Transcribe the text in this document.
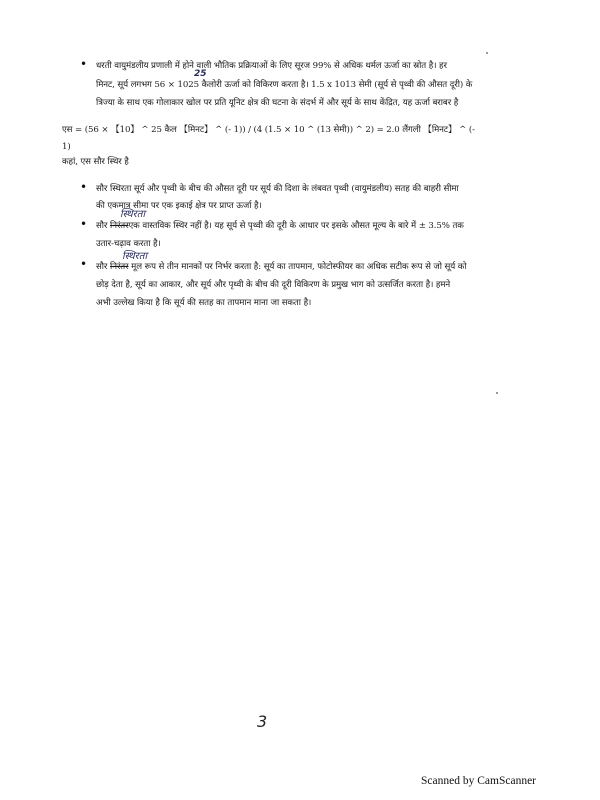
• धरती वायुमंडलीय प्रणाली में होने वाली भौतिक प्रक्रियाओं के लिए सूरज 99% से अधिक थर्मल ऊर्जा का स्रोत है। हर
मिनट, सूर्य लगभग 56 × 1025 कैलोरी ऊर्जा को विकिरण करता है। 1.5 x 1013 सेमी (सूर्य से पृथ्वी की औसत दूरी) के
25
त्रिज्या के साथ एक गोलाकार खोल पर प्रति यूनिट क्षेत्र की घटना के संदर्भ में और सूर्य के साथ केंद्रित, यह ऊर्जा बराबर है
एस = (56 × 【10】 ^ 25 कैल 【मिनट】 ^ (- 1)) / (4 (1.5 × 10 ^ (13 सेमी)) ^ 2) = 2.0 लैंगली 【मिनट】 ^ (-
1)
कहां, एस सौर स्थिर है
• सौर स्थिरता सूर्य और पृथ्वी के बीच की औसत दूरी पर सूर्य की दिशा के लंबवत पृथ्वी (वायुमंडलीय) सतह की बाहरी सीमा
की एकमात्र सीमा पर एक इकाई क्षेत्र पर प्राप्त ऊर्जा है।
स्थिरता
• सौर निरंतरएक वास्तविक स्थिर नहीं है। यह सूर्य से पृथ्वी की दूरी के आधार पर इसके औसत मूल्य के बारे में ± 3.5% तक
उतार-चढ़ाव करता है।
स्थिरता
• सौर निरंतर मूल रूप से तीन मानकों पर निर्भर करता है: सूर्य का तापमान, फोटोस्फीयर का अधिक सटीक रूप से जो सूर्य को
छोड़ देता है, सूर्य का आकार, और सूर्य और पृथ्वी के बीच की दूरी विकिरण के प्रमुख भाग को उत्सर्जित करता है। हमने
अभी उल्लेख किया है कि सूर्य की सतह का तापमान माना जा सकता है।
3
Scanned by CamScanner
